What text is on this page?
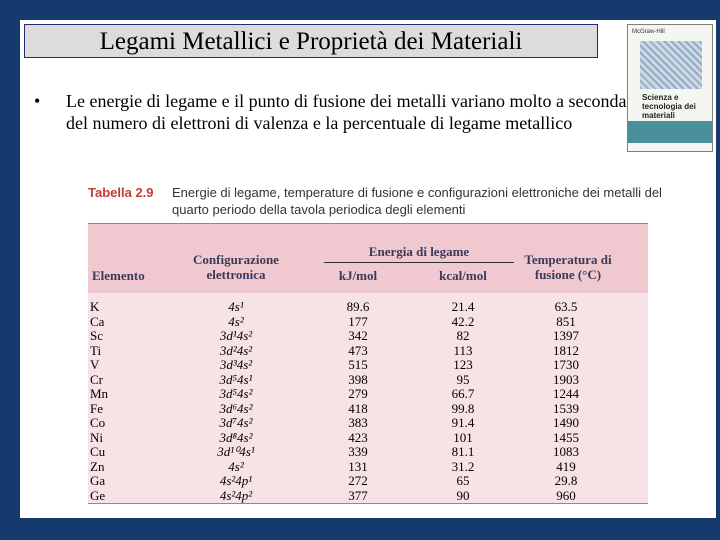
Legami Metallici e Proprietà dei Materiali	McGraw-Hill
Scienza e tecnologia dei materiali
• Le energie di legame e il punto di fusione dei metalli variano molto a seconda del numero di elettroni di valenza e la percentuale di legame metallico
Tabella 2.9 Energie di legame, temperature di fusione e configurazioni elettroniche dei metalli del quarto periodo della tavola periodica degli elementi
Elemento
Configurazione elettronica
Energia di legame
kJ/mol	kcal/mol
Temperatura di fusione (°C)
K	4s¹	89.6	21.4	63.5
Ca	4s²	177	42.2	851
Sc	3d¹4s²	342	82	1397
Ti	3d²4s²	473	113	1812
V	3d³4s²	515	123	1730
Cr	3d⁵4s¹	398	95	1903
Mn	3d⁵4s²	279	66.7	1244
Fe	3d⁶4s²	418	99.8	1539
Co	3d⁷4s²	383	91.4	1490
Ni	3d⁸4s²	423	101	1455
Cu	3d¹⁰4s¹	339	81.1	1083
Zn	4s²	131	31.2	419
Ga	4s²4p¹	272	65	29.8
Ge	4s²4p²	377	90	960
